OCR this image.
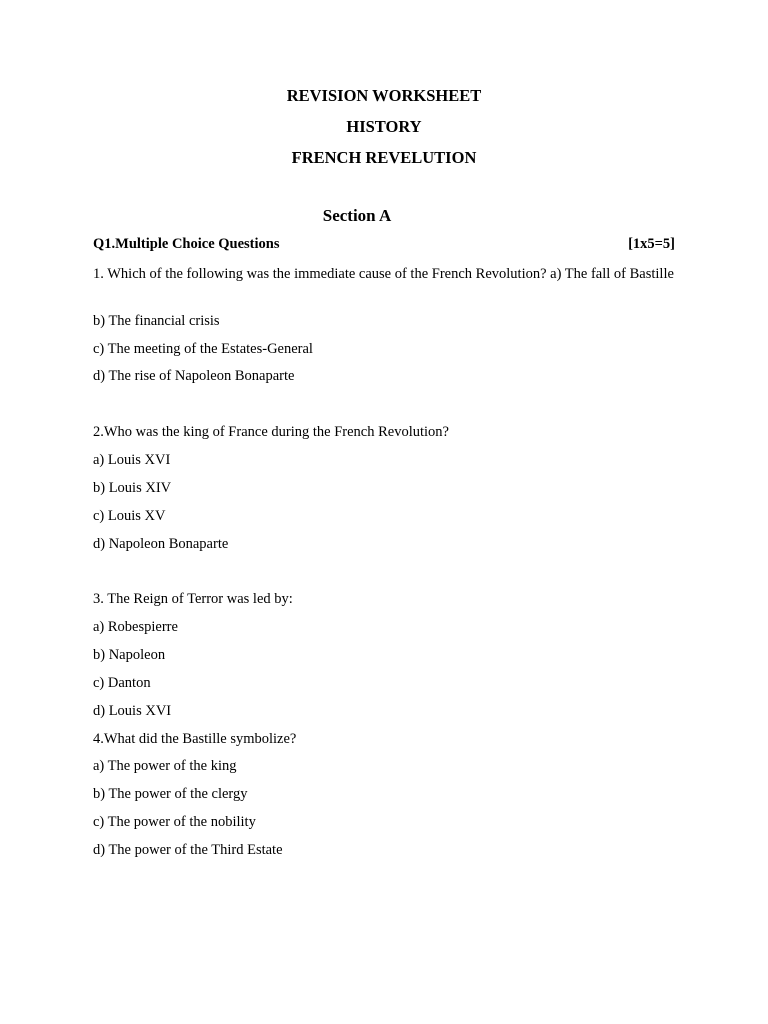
REVISION WORKSHEET

HISTORY

FRENCH REVELUTION

Section A

Q1.Multiple Choice Questions	[1x5=5]

1. Which of the following was the immediate cause of the French Revolution? a) The fall of Bastille

b) The financial crisis

c) The meeting of the Estates-General

d) The rise of Napoleon Bonaparte

2.Who was the king of France during the French Revolution?

a) Louis XVI

b) Louis XIV

c) Louis XV

d) Napoleon Bonaparte

3. The Reign of Terror was led by:

a) Robespierre

b) Napoleon

c) Danton

d) Louis XVI

4.What did the Bastille symbolize?

a) The power of the king

b) The power of the clergy

c) The power of the nobility

d) The power of the Third Estate
